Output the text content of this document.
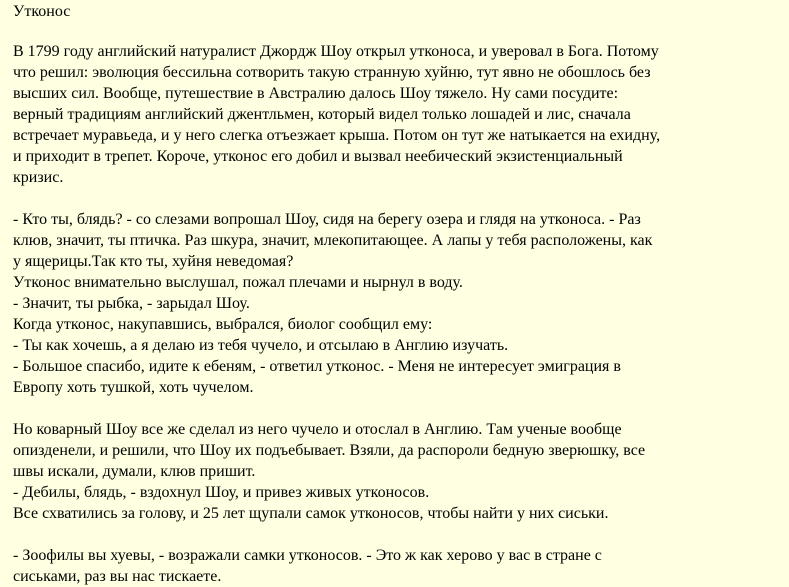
Утконос
В 1799 году английский натуралист Джордж Шоу открыл утконоса, и уверовал в Бога. Потому
что решил: эволюция бессильна сотворить такую странную хуйню, тут явно не обошлось без
высших сил. Вообще, путешествие в Австралию далось Шоу тяжело. Ну сами посудите:
верный традициям английский джентльмен, который видел только лошадей и лис, сначала
встречает муравьеда, и у него слегка отъезжает крыша. Потом он тут же натыкается на ехидну,
и приходит в трепет. Короче, утконос его добил и вызвал неебический экзистенциальный
кризис.
- Кто ты, блядь? - со слезами вопрошал Шоу, сидя на берегу озера и глядя на утконоса. - Раз
клюв, значит, ты птичка. Раз шкура, значит, млекопитающее. А лапы у тебя расположены, как
у ящерицы.Так кто ты, хуйня неведомая?
Утконос внимательно выслушал, пожал плечами и нырнул в воду.
- Значит, ты рыбка, - зарыдал Шоу.
Когда утконос, накупавшись, выбрался, биолог сообщил ему:
- Ты как хочешь, а я делаю из тебя чучело, и отсылаю в Англию изучать.
- Большое спасибо, идите к ебеням, - ответил утконос. - Меня не интересует эмиграция в
Европу хоть тушкой, хоть чучелом.
Но коварный Шоу все же сделал из него чучело и отослал в Англию. Там ученые вообще
опизденели, и решили, что Шоу их подъебывает. Взяли, да распороли бедную зверюшку, все
швы искали, думали, клюв пришит.
- Дебилы, блядь, - вздохнул Шоу, и привез живых утконосов.
Все схватились за голову, и 25 лет щупали самок утконосов, чтобы найти у них сиськи.
- Зоофилы вы хуевы, - возражали самки утконосов. - Это ж как херово у вас в стране с
сиськами, раз вы нас тискаете.
